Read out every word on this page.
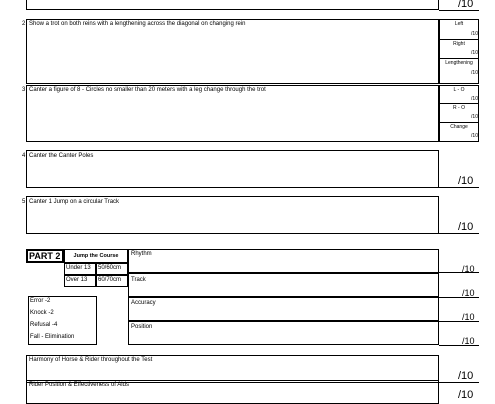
/10
2 Show a trot on both reins with a lengthening across the diagonal on changing rein	Left
/10
Right
/10
Lengthening
/10
3 Canter a figure of 8 - Circles no smaller than 20 meters with a leg change through the trot	L - O
/10
R - O
/10
Change
/10
4 Canter the Canter Poles
/10
5 Canter 1 Jump on a circular Track
/10
PART 2	Jump the Course
Under 13 50/60cm
Over 13 60/70cm
Error -2
Knock -2
Refusal -4
Fall - Elimination
Rhythm
/10
Track
/10
Accuracy
/10
Position
/10
Harmony of Horse & Rider throughout the Test
/10
Rider Position & Effectiveness of Aids
/10
